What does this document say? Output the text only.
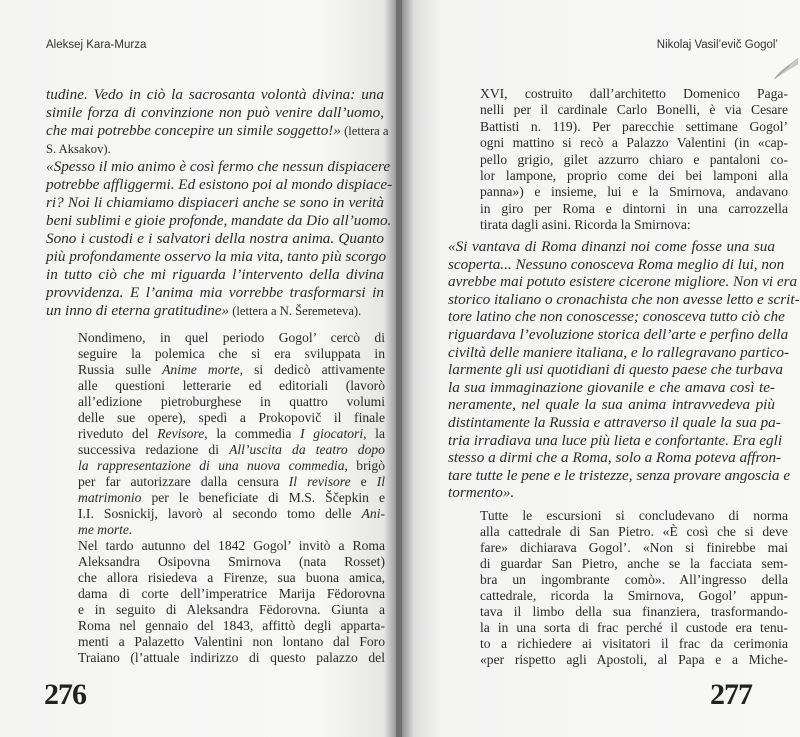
Aleksej Kara-Murza
tudine. Vedo in ciò la sacrosanta volontà divina: una
simile forza di convinzione non può venire dall’uomo,
che mai potrebbe concepire un simile soggetto!» (lettera a
S. Aksakov).
«Spesso il mio animo è così fermo che nessun dispiacere
potrebbe affliggermi. Ed esistono poi al mondo dispiace-
ri? Noi li chiamiamo dispiaceri anche se sono in verità
beni sublimi e gioie profonde, mandate da Dio all’uomo.
Sono i custodi e i salvatori della nostra anima. Quanto
più profondamente osservo la mia vita, tanto più scorgo
in tutto ciò che mi riguarda l’intervento della divina
provvidenza. E l’anima mia vorrebbe trasformarsi in
un inno di eterna gratitudine» (lettera a N. Šeremeteva).
Nondimeno, in quel periodo Gogol’ cercò di
seguire la polemica che si era sviluppata in
Russia sulle Anime morte, si dedicò attivamente
alle questioni letterarie ed editoriali (lavorò
all’edizione pietroburghese in quattro volumi
delle sue opere), spedì a Prokopovič il finale
riveduto del Revisore, la commedia I giocatori, la
successiva redazione di All’uscita da teatro dopo
la rappresentazione di una nuova commedia, brigò
per far autorizzare dalla censura Il revisore e Il
matrimonio per le beneficiate di M.S. Ščepkin e
I.I. Sosnickij, lavorò al secondo tomo delle Ani-
me morte.
Nel tardo autunno del 1842 Gogol’ invitò a Roma
Aleksandra Osipovna Smirnova (nata Rosset)
che allora risiedeva a Firenze, sua buona amica,
dama di corte dell’imperatrice Marija Fëdorovna
e in seguito di Aleksandra Fëdorovna. Giunta a
Roma nel gennaio del 1843, affittò degli apparta-
menti a Palazetto Valentini non lontano dal Foro
Traiano (l’attuale indirizzo di questo palazzo del
276
Nikolaj Vasil’evič Gogol’
XVI, costruito dall’architetto Domenico Paga-
nelli per il cardinale Carlo Bonelli, è via Cesare
Battisti n. 119). Per parecchie settimane Gogol’
ogni mattino si recò a Palazzo Valentini (in «cap-
pello grigio, gilet azzurro chiaro e pantaloni co-
lor lampone, proprio come dei bei lamponi alla
panna») e insieme, lui e la Smirnova, andavano
in giro per Roma e dintorni in una carrozzella
tirata dagli asini. Ricorda la Smirnova:
«Si vantava di Roma dinanzi noi come fosse una sua
scoperta... Nessuno conosceva Roma meglio di lui, non
avrebbe mai potuto esistere cicerone migliore. Non vi era
storico italiano o cronachista che non avesse letto e scrit-
tore latino che non conoscesse; conosceva tutto ciò che
riguardava l’evoluzione storica dell’arte e perfino della
civiltà delle maniere italiana, e lo rallegravano partico-
larmente gli usi quotidiani di questo paese che turbava
la sua immaginazione giovanile e che amava così te-
neramente, nel quale la sua anima intravvedeva più
distintamente la Russia e attraverso il quale la sua pa-
tria irradiava una luce più lieta e confortante. Era egli
stesso a dirmi che a Roma, solo a Roma poteva affron-
tare tutte le pene e le tristezze, senza provare angoscia e
tormento».
Tutte le escursioni si concludevano di norma
alla cattedrale di San Pietro. «È così che si deve
fare» dichiarava Gogol’. «Non si finirebbe mai
di guardar San Pietro, anche se la facciata sem-
bra un ingombrante comò». All’ingresso della
cattedrale, ricorda la Smirnova, Gogol’ appun-
tava il limbo della sua finanziera, trasformando-
la in una sorta di frac perché il custode era tenu-
to a richiedere ai visitatori il frac da cerimonia
«per rispetto agli Apostoli, al Papa e a Miche-
277
